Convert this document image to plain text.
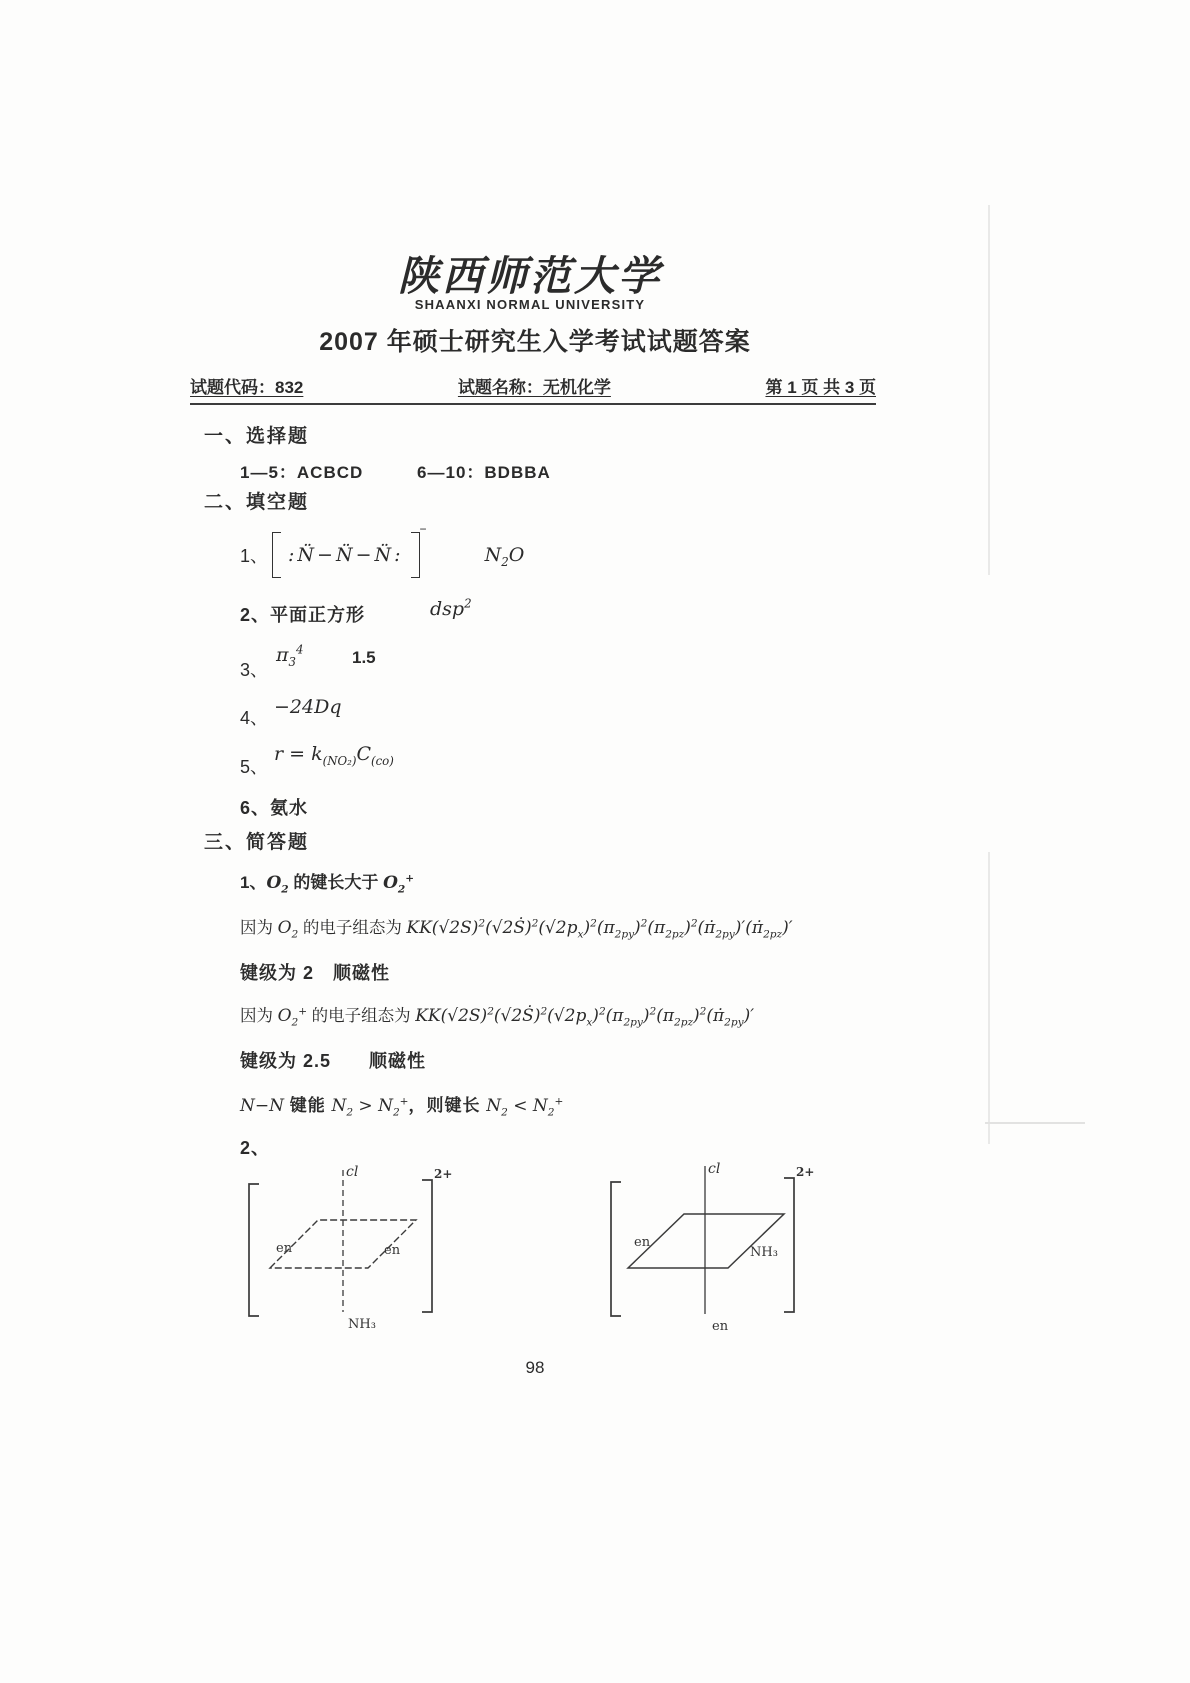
陕西师范大学
SHAANXI NORMAL UNIVERSITY
2007 年硕士研究生入学考试试题答案
试题代码：832	试题名称：无机化学	第 1 页 共 3 页
一、选择题
1—5：ACBCD	6—10：BDBBA
二、填空题
1、	:N̈−N̈−N̈:
−
$N_2O$
2、平面正方形	dsp$^2$
3、
$\pi_3^4$	1.5
4、 −24Dq
5、
$r = k_{(NO_2)}C_{(co)}$
6、氨水
三、简答题
1、$O_2$ 的键长大于 $O_2^+$
因为 $O_2$ 的电子组态为 $KK(√2S)^2(√2Ṡ)^2(√2p_x)^2(\pi_{2py})^2(\pi_{2pz})^2(\pi̇_{2py})'(\pi̇_{2pz})'$
键级为 2　顺磁性
因为 $O_2^+$ 的电子组态为 $KK(√2S)^2(√2Ṡ)^2(√2p_x)^2(\pi_{2py})^2(\pi_{2pz})^2(\pi̇_{2py})'$
键级为 2.5　　顺磁性
N−N 键能 $N_2 > N_2^+$，则键长 $N_2 < N_2^+$
2、
2+
cl
en	en
NH₃
2+
cl
en
NH₃
en
98
